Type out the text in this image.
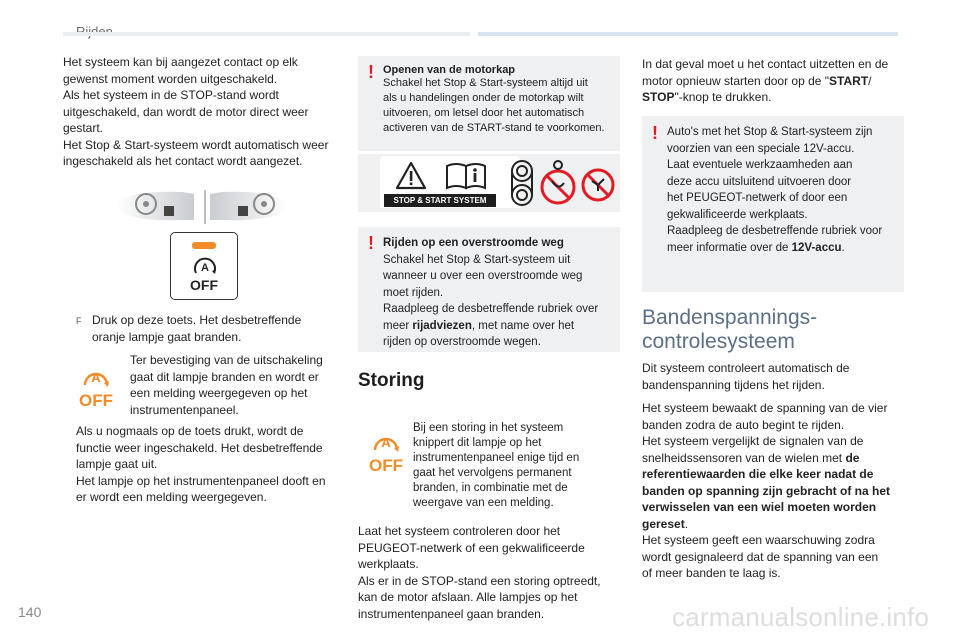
Het systeem kan bij aangezet contact op elk
gewenst moment worden uitgeschakeld.
Als het systeem in de STOP-stand wordt
uitgeschakeld, dan wordt de motor direct weer
gestart.
Het Stop & Start-systeem wordt automatisch weer
ingeschakeld als het contact wordt aangezet.
A
OFF
F Druk op deze toets. Het desbetreffende
oranje lampje gaat branden.
A
OFF
Ter bevestiging van de uitschakeling
gaat dit lampje branden en wordt er
een melding weergegeven op het
instrumentenpaneel.
Als u nogmaals op de toets drukt, wordt de
functie weer ingeschakeld. Het desbetreffende
lampje gaat uit.
Het lampje op het instrumentenpaneel dooft en
er wordt een melding weergegeven.
! Openen van de motorkap
Schakel het Stop & Start-systeem altijd uit
als u handelingen onder de motorkap wilt
uitvoeren, om letsel door het automatisch
activeren van de START-stand te voorkomen.
STOP & START SYSTEM
! Rijden op een overstroomde weg
Schakel het Stop & Start-systeem uit
wanneer u over een overstroomde weg
moet rijden.
Raadpleeg de desbetreffende rubriek over
meer rijadviezen, met name over het
rijden op overstroomde wegen.
Storing
A
OFF
Bij een storing in het systeem
knippert dit lampje op het
instrumentenpaneel enige tijd en
gaat het vervolgens permanent
branden, in combinatie met de
weergave van een melding.
Laat het systeem controleren door het
PEUGEOT-netwerk of een gekwalificeerde
werkplaats.
Als er in de STOP-stand een storing optreedt,
kan de motor afslaan. Alle lampjes op het
instrumentenpaneel gaan branden.
In dat geval moet u het contact uitzetten en de
motor opnieuw starten door op de "START/
STOP"-knop te drukken.
! Auto's met het Stop & Start-systeem zijn
voorzien van een speciale 12V-accu.
Laat eventuele werkzaamheden aan
deze accu uitsluitend uitvoeren door
het PEUGEOT-netwerk of door een
gekwalificeerde werkplaats.
Raadpleeg de desbetreffende rubriek voor
meer informatie over de 12V-accu.
Bandenspannings-
controlesysteem
Dit systeem controleert automatisch de
bandenspanning tijdens het rijden.
Het systeem bewaakt de spanning van de vier
banden zodra de auto begint te rijden.
Het systeem vergelijkt de signalen van de
snelheidssensoren van de wielen met de
referentiewaarden die elke keer nadat de
banden op spanning zijn gebracht of na het
verwisselen van een wiel moeten worden
gereset.
Het systeem geeft een waarschuwing zodra
wordt gesignaleerd dat de spanning van een
of meer banden te laag is.
140	carmanualsonline.info
